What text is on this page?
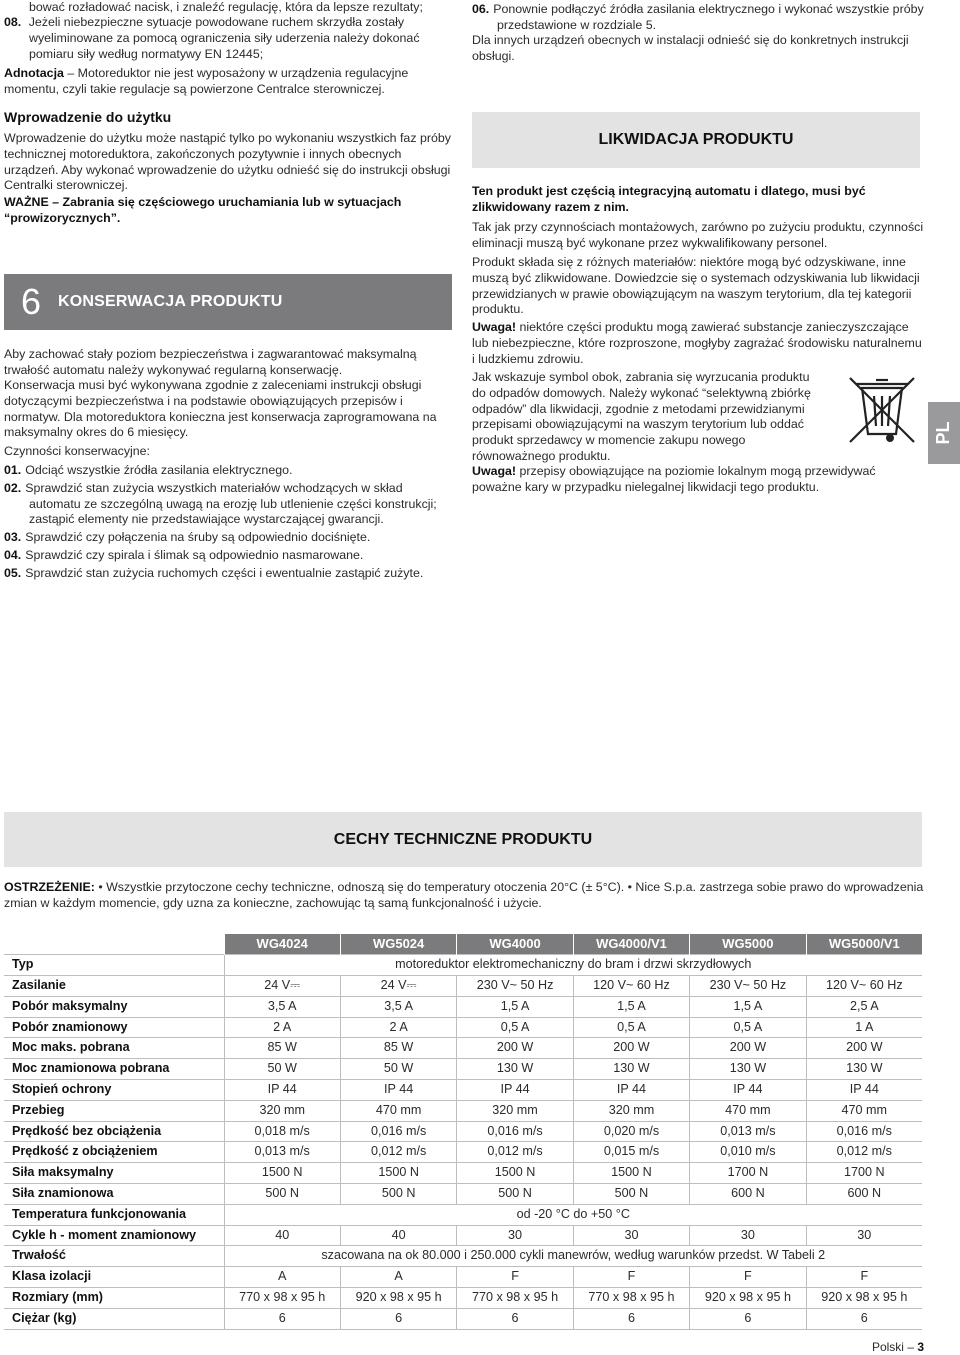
bować rozładować nacisk, i znaleźć regulację, która da lepsze rezultaty;

08. Jeżeli niebezpieczne sytuacje powodowane ruchem skrzydła zostały wyeliminowane za pomocą ograniczenia siły uderzenia należy dokonać pomiaru siły według normatywy EN 12445;

Adnotacja – Motoreduktor nie jest wyposażony w urządzenia regulacyjne momentu, czyli takie regulacje są powierzone Centralce sterowniczej.

Wprowadzenie do użytku

Wprowadzenie do użytku może nastąpić tylko po wykonaniu wszystkich faz próby technicznej motoreduktora, zakończonych pozytywnie i innych obecnych urządzeń. Aby wykonać wprowadzenie do użytku odnieść się do instrukcji obsługi Centralki sterowniczej.

WAŻNE – Zabrania się częściowego uruchamiania lub w sytuacjach “prowizorycznych”.

6	KONSERWACJA PRODUKTU

Aby zachować stały poziom bezpieczeństwa i zagwarantować maksymalną trwałość automatu należy wykonywać regularną konserwację.

Konserwacja musi być wykonywana zgodnie z zaleceniami instrukcji obsługi dotyczącymi bezpieczeństwa i na podstawie obowiązujących przepisów i normatyw. Dla motoreduktora konieczna jest konserwacja zaprogramowana na maksymalny okres do 6 miesięcy.

Czynności konserwacyjne:

01. Odciąć wszystkie źródła zasilania elektrycznego.

02. Sprawdzić stan zużycia wszystkich materiałów wchodzących w skład automatu ze szczególną uwagą na erozję lub utlenienie części konstrukcji; zastąpić elementy nie przedstawiające wystarczającej gwarancji.

03. Sprawdzić czy połączenia na śruby są odpowiednio dociśnięte.

04. Sprawdzić czy spirala i ślimak są odpowiednio nasmarowane.

05. Sprawdzić stan zużycia ruchomych części i ewentualnie zastąpić zużyte.

06. Ponownie podłączyć źródła zasilania elektrycznego i wykonać wszystkie próby przedstawione w rozdziale 5.

Dla innych urządzeń obecnych w instalacji odnieść się do konkretnych instrukcji obsługi.

LIKWIDACJA PRODUKTU

Ten produkt jest częścią integracyjną automatu i dlatego, musi być zlikwidowany razem z nim.

Tak jak przy czynnościach montażowych, zarówno po zużyciu produktu, czynności eliminacji muszą być wykonane przez wykwalifikowany personel.

Produkt składa się z różnych materiałów: niektóre mogą być odzyskiwane, inne muszą być zlikwidowane. Dowiedzcie się o systemach odzyskiwania lub likwidacji przewidzianych w prawie obowiązującym na waszym terytorium, dla tej kategorii produktu.

Uwaga! niektóre części produktu mogą zawierać substancje zanieczyszczające lub niebezpieczne, które rozproszone, mogłyby zagrażać środowisku naturalnemu i ludzkiemu zdrowiu.

Jak wskazuje symbol obok, zabrania się wyrzucania produktu do odpadów domowych. Należy wykonać “selektywną zbiórkę odpadów” dla likwidacji, zgodnie z metodami przewidzianymi przepisami obowiązującymi na waszym terytorium lub oddać produkt sprzedawcy w momencie zakupu nowego równoważnego produktu.

Uwaga! przepisy obowiązujące na poziomie lokalnym mogą przewidywać poważne kary w przypadku nielegalnej likwidacji tego produktu.

PL
CECHY TECHNICZNE PRODUKTU

OSTRZEŻENIE: • Wszystkie przytoczone cechy techniczne, odnoszą się do temperatury otoczenia 20°C (± 5°C). • Nice S.p.a. zastrzega sobie prawo do wprowadzenia zmian w każdym momencie, gdy uzna za konieczne, zachowując tą samą funkcjonalność i użycie.

	WG4024	WG5024	WG4000	WG4000/V1	WG5000	WG5000/V1
Typ	motoreduktor elektromechaniczny do bram i drzwi skrzydłowych					
Zasilanie	24 V⎓	24 V⎓	230 V~ 50 Hz	120 V~ 60 Hz	230 V~ 50 Hz	120 V~ 60 Hz
Pobór maksymalny	3,5 A	3,5 A	1,5 A	1,5 A	1,5 A	2,5 A
Pobór znamionowy	2 A	2 A	0,5 A	0,5 A	0,5 A	1 A
Moc maks. pobrana	85 W	85 W	200 W	200 W	200 W	200 W
Moc znamionowa pobrana	50 W	50 W	130 W	130 W	130 W	130 W
Stopień ochrony	IP 44	IP 44	IP 44	IP 44	IP 44	IP 44
Przebieg	320 mm	470 mm	320 mm	320 mm	470 mm	470 mm
Prędkość bez obciążenia	0,018 m/s	0,016 m/s	0,016 m/s	0,020 m/s	0,013 m/s	0,016 m/s
Prędkość z obciążeniem	0,013 m/s	0,012 m/s	0,012 m/s	0,015 m/s	0,010 m/s	0,012 m/s
Siła maksymalny	1500 N	1500 N	1500 N	1500 N	1700 N	1700 N
Siła znamionowa	500 N	500 N	500 N	500 N	600 N	600 N
Temperatura funkcjonowania	od -20 °C do +50 °C					
Cykle h - moment znamionowy	40	40	30	30	30	30
Trwałość	szacowana na ok 80.000 i 250.000 cykli manewrów, według warunków przedst. W Tabeli 2					
Klasa izolacji	A	A	F	F	F	F
Rozmiary (mm)	770 x 98 x 95 h	920 x 98 x 95 h	770 x 98 x 95 h	770 x 98 x 95 h	920 x 98 x 95 h	920 x 98 x 95 h
Ciężar (kg)	6	6	6	6	6	6
Polski – 3
